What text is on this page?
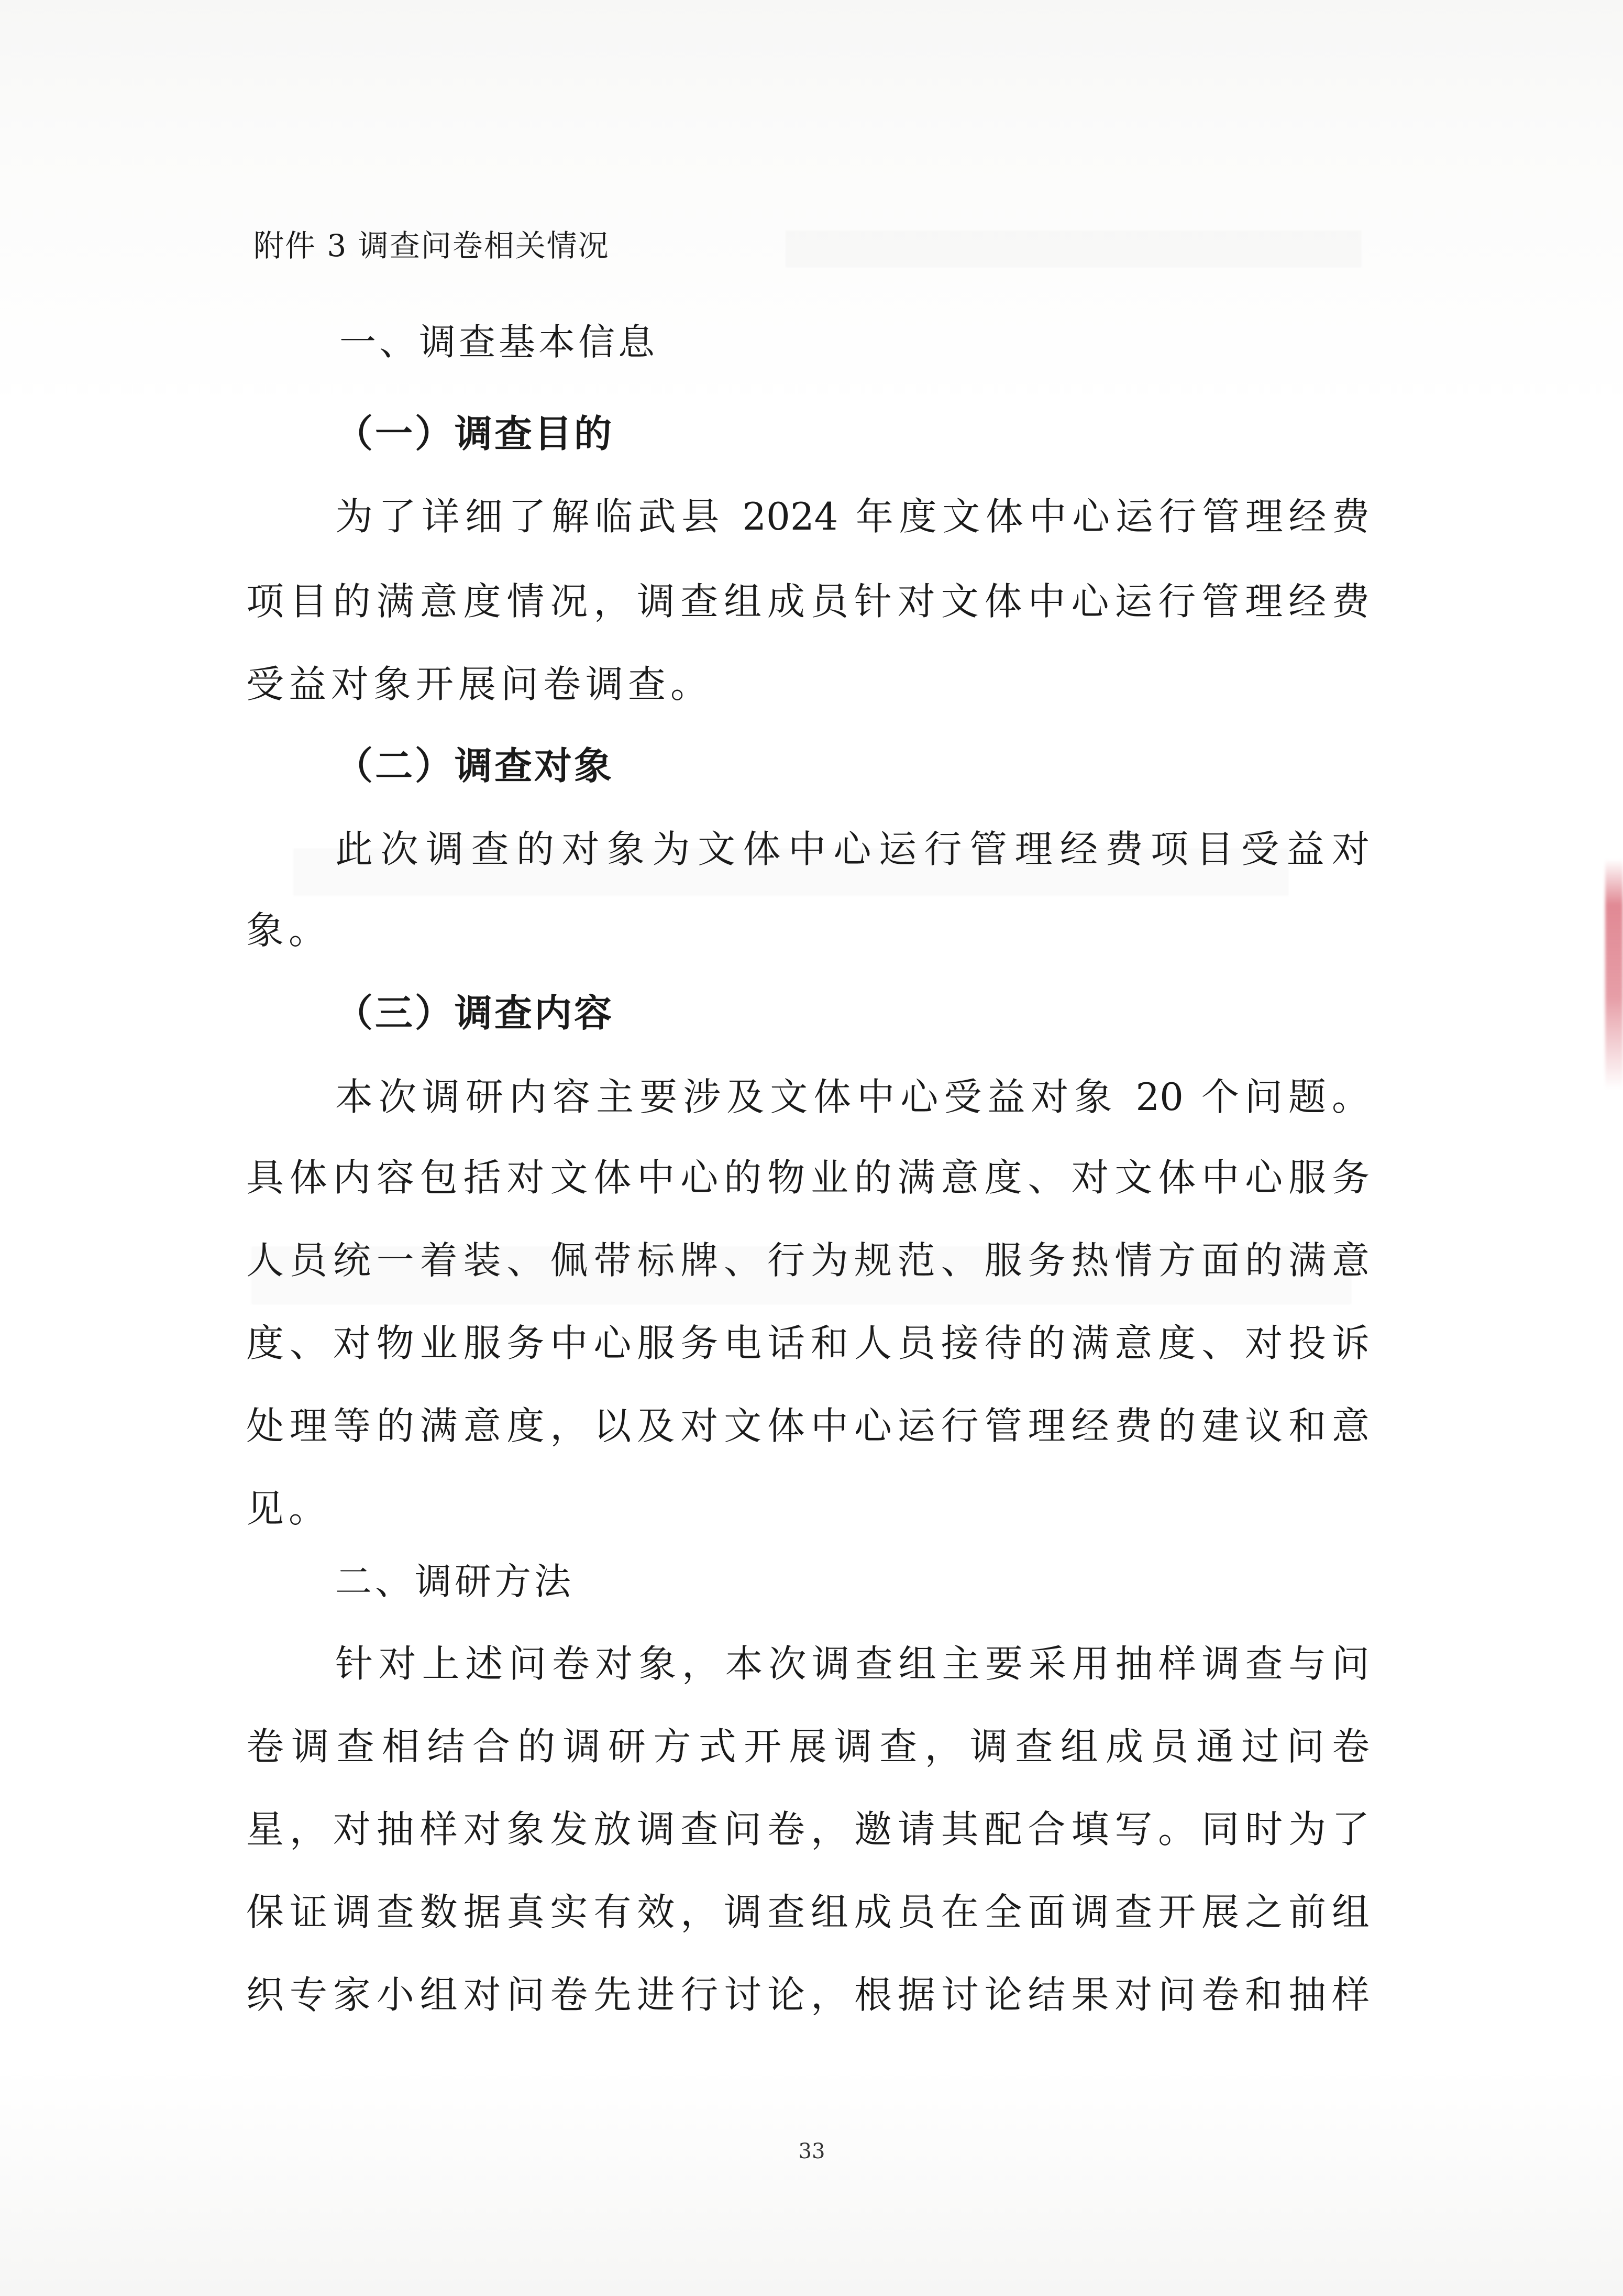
附件 3 调查问卷相关情况
一、调查基本信息
（一）调查目的
为了详细了解临武县 2024 年度文体中心运行管理经费
项目的满意度情况，调查组成员针对文体中心运行管理经费
受益对象开展问卷调查。
（二）调查对象
此次调查的对象为文体中心运行管理经费项目受益对
象。
（三）调查内容
本次调研内容主要涉及文体中心受益对象 20 个问题。
具体内容包括对文体中心的物业的满意度、对文体中心服务
人员统一着装、佩带标牌、行为规范、服务热情方面的满意
度、对物业服务中心服务电话和人员接待的满意度、对投诉
处理等的满意度，以及对文体中心运行管理经费的建议和意
见。
二、调研方法
针对上述问卷对象，本次调查组主要采用抽样调查与问
卷调查相结合的调研方式开展调查，调查组成员通过问卷
星，对抽样对象发放调查问卷，邀请其配合填写。同时为了
保证调查数据真实有效，调查组成员在全面调查开展之前组
织专家小组对问卷先进行讨论，根据讨论结果对问卷和抽样
33
